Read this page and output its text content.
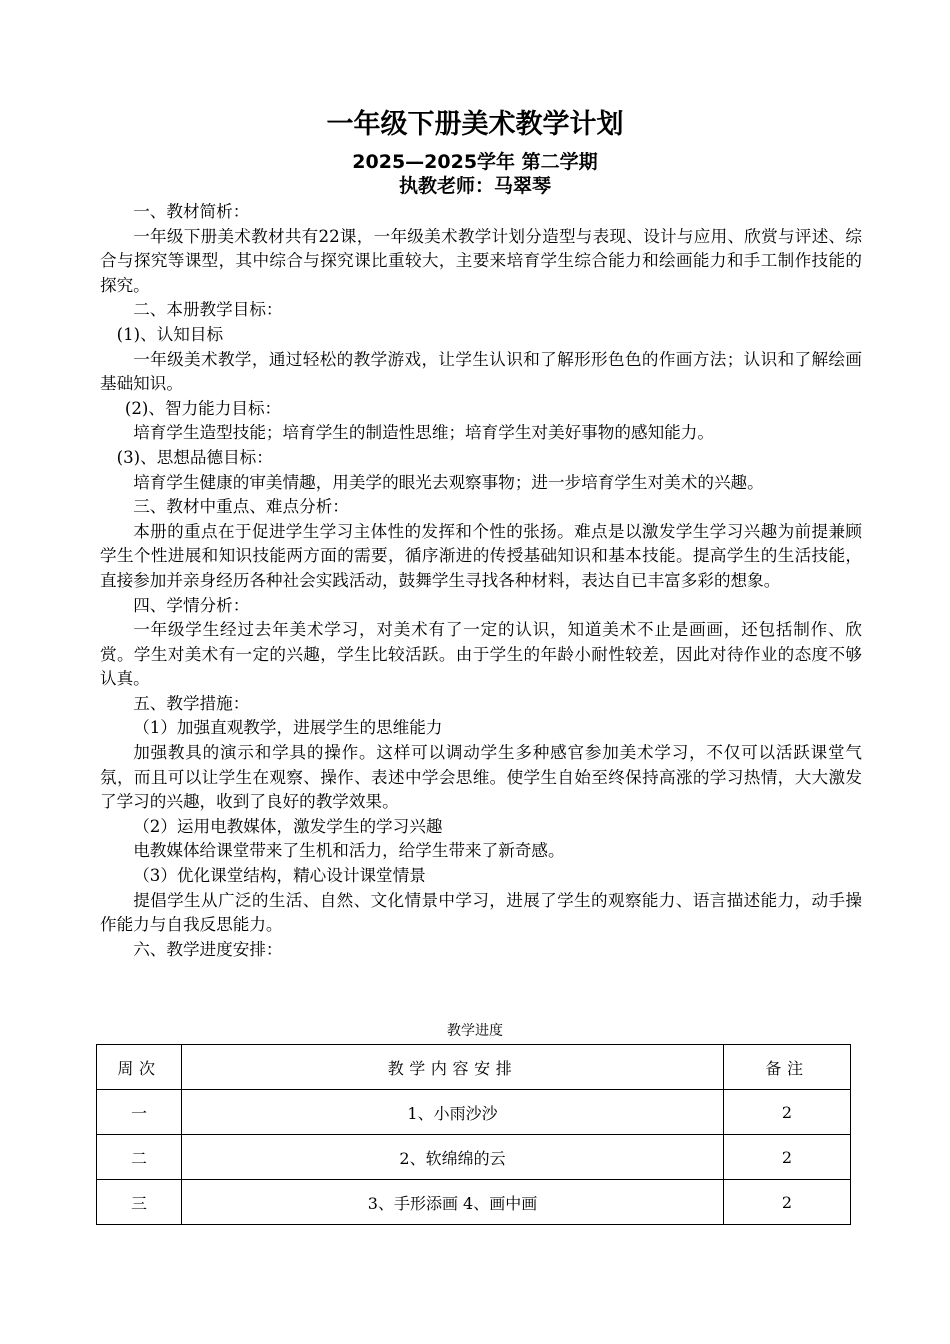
一年级下册美术教学计划
2025—2025学年 第二学期
执教老师：马翠琴

一、教材简析：

一年级下册美术教材共有22课，一年级美术教学计划分造型与表现、设计与应用、欣赏与评述、综合与探究等课型，其中综合与探究课比重较大，主要来培育学生综合能力和绘画能力和手工制作技能的探究。

二、本册教学目标：

(1)、认知目标

一年级美术教学，通过轻松的教学游戏，让学生认识和了解形形色色的作画方法；认识和了解绘画基础知识。

(2)、智力能力目标：

培育学生造型技能；培育学生的制造性思维；培育学生对美好事物的感知能力。

(3)、思想品德目标：

培育学生健康的审美情趣，用美学的眼光去观察事物；进一步培育学生对美术的兴趣。

三、教材中重点、难点分析：

本册的重点在于促进学生学习主体性的发挥和个性的张扬。难点是以激发学生学习兴趣为前提兼顾学生个性进展和知识技能两方面的需要，循序渐进的传授基础知识和基本技能。提高学生的生活技能，直接参加并亲身经历各种社会实践活动，鼓舞学生寻找各种材料，表达自已丰富多彩的想象。

四、学情分析：

一年级学生经过去年美术学习，对美术有了一定的认识，知道美术不止是画画，还包括制作、欣赏。学生对美术有一定的兴趣，学生比较活跃。由于学生的年龄小耐性较差，因此对待作业的态度不够认真。

五、教学措施：

（1）加强直观教学，进展学生的思维能力

加强教具的演示和学具的操作。这样可以调动学生多种感官参加美术学习，不仅可以活跃课堂气氛，而且可以让学生在观察、操作、表述中学会思维。使学生自始至终保持高涨的学习热情，大大激发了学习的兴趣，收到了良好的教学效果。

（2）运用电教媒体，激发学生的学习兴趣

电教媒体给课堂带来了生机和活力，给学生带来了新奇感。

（3）优化课堂结构，精心设计课堂情景

提倡学生从广泛的生活、自然、文化情景中学习，进展了学生的观察能力、语言描述能力，动手操作能力与自我反思能力。

六、教学进度安排：

教学进度
周次	教学内容安排	备注
一	1、小雨沙沙	2
二	2、软绵绵的云	2
三	3、手形添画 4、画中画	2
